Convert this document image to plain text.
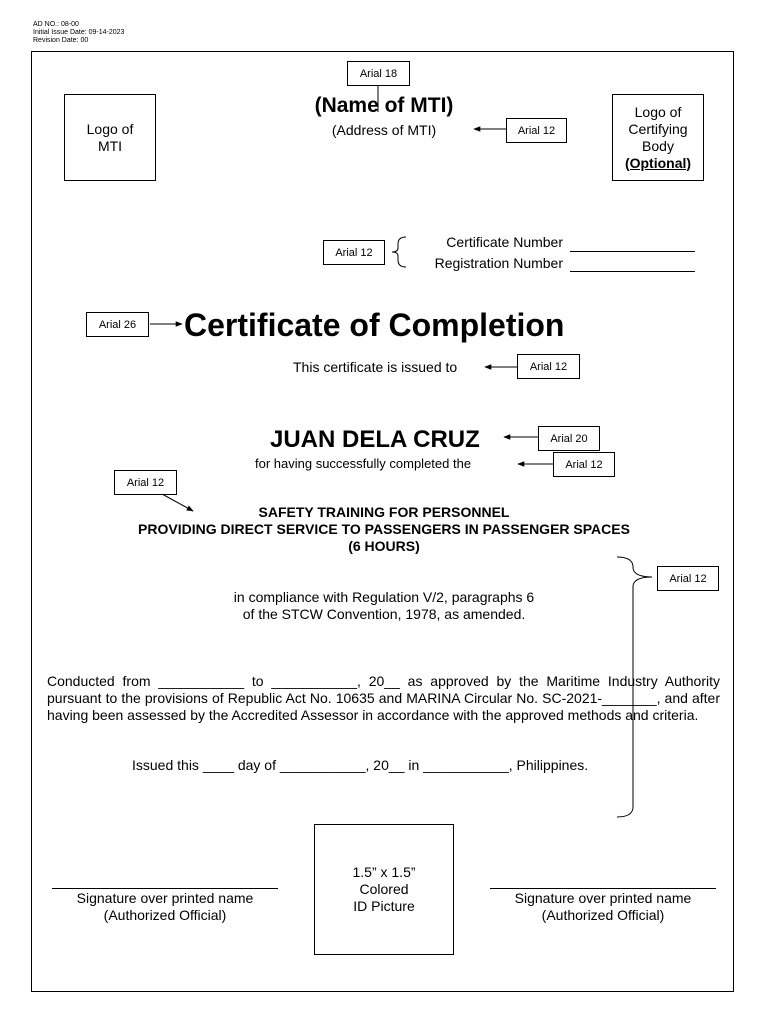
AD NO.: 08-00
Initial Issue Date: 09-14-2023
Revision Date: 00
Logo of MTI
Logo of
Certifying
Body
(Optional)
(Name of MTI)
(Address of MTI)
Certificate Number
Registration Number
Certificate of Completion
This certificate is issued to
JUAN DELA CRUZ
for having successfully completed the
SAFETY TRAINING FOR PERSONNEL
PROVIDING DIRECT SERVICE TO PASSENGERS IN PASSENGER SPACES
(6 HOURS)
in compliance with Regulation V/2, paragraphs 6
of the STCW Convention, 1978, as amended.
Conducted from ___________ to ___________, 20__ as approved by the Maritime Industry Authority pursuant to the provisions of Republic Act No. 10635 and MARINA Circular No. SC-2021-_______, and after having been assessed by the Accredited Assessor in accordance with the approved methods and criteria.
Issued this ____ day of ___________, 20__ in ___________, Philippines.
1.5” x 1.5”
Colored
ID Picture
Signature over printed name
(Authorized Official)
Signature over printed name
(Authorized Official)
Arial 18
Arial 12
Arial 12
Arial 26
Arial 12
Arial 20
Arial 12
Arial 12
Arial 12
